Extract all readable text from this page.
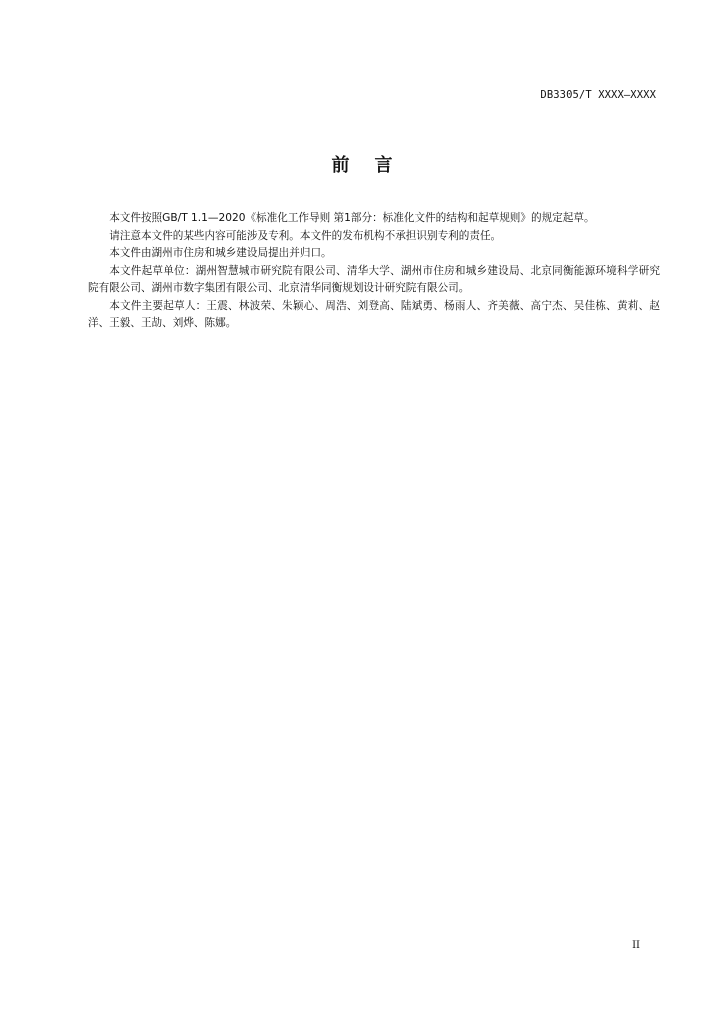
DB3305/T XXXX—XXXX
前    言

本文件按照GB/T 1.1—2020《标准化工作导则 第1部分：标准化文件的结构和起草规则》的规定起草。

请注意本文件的某些内容可能涉及专利。本文件的发布机构不承担识别专利的责任。

本文件由湖州市住房和城乡建设局提出并归口。

本文件起草单位：湖州智慧城市研究院有限公司、清华大学、湖州市住房和城乡建设局、北京同衡能源环境科学研究院有限公司、湖州市数字集团有限公司、北京清华同衡规划设计研究院有限公司。

本文件主要起草人：王震、林波荣、朱颖心、周浩、刘登高、陆斌勇、杨雨人、齐美薇、高宁杰、吴佳栋、黄莉、赵洋、王毅、王劼、刘烨、陈娜。

II
